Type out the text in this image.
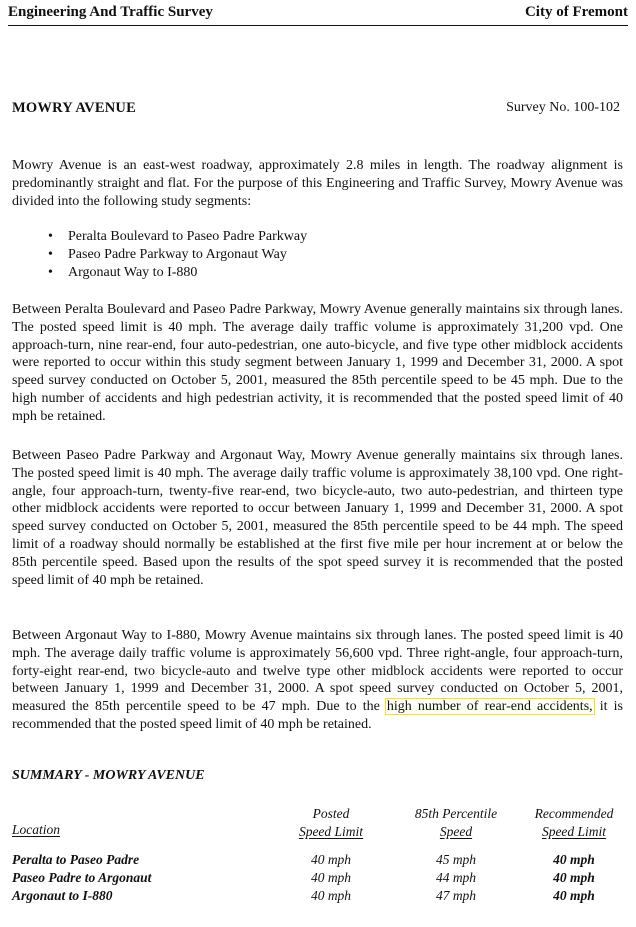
Engineering And Traffic Survey	City of Fremont
MOWRY AVENUE	Survey No. 100-102
Mowry Avenue is an east-west roadway, approximately 2.8 miles in length. The roadway alignment is predominantly straight and flat. For the purpose of this Engineering and Traffic Survey, Mowry Avenue was divided into the following study segments:
• Peralta Boulevard to Paseo Padre Parkway
• Paseo Padre Parkway to Argonaut Way
• Argonaut Way to I-880
Between Peralta Boulevard and Paseo Padre Parkway, Mowry Avenue generally maintains six through lanes. The posted speed limit is 40 mph. The average daily traffic volume is approximately 31,200 vpd. One approach-turn, nine rear-end, four auto-pedestrian, one auto-bicycle, and five type other midblock accidents were reported to occur within this study segment between January 1, 1999 and December 31, 2000. A spot speed survey conducted on October 5, 2001, measured the 85th percentile speed to be 45 mph. Due to the high number of accidents and high pedestrian activity, it is recommended that the posted speed limit of 40 mph be retained.
Between Paseo Padre Parkway and Argonaut Way, Mowry Avenue generally maintains six through lanes. The posted speed limit is 40 mph. The average daily traffic volume is approximately 38,100 vpd. One right-angle, four approach-turn, twenty-five rear-end, two bicycle-auto, two auto-pedestrian, and thirteen type other midblock accidents were reported to occur between January 1, 1999 and December 31, 2000. A spot speed survey conducted on October 5, 2001, measured the 85th percentile speed to be 44 mph. The speed limit of a roadway should normally be established at the first five mile per hour increment at or below the 85th percentile speed. Based upon the results of the spot speed survey it is recommended that the posted speed limit of 40 mph be retained.
Between Argonaut Way to I-880, Mowry Avenue maintains six through lanes. The posted speed limit is 40 mph. The average daily traffic volume is approximately 56,600 vpd. Three right-angle, four approach-turn, forty-eight rear-end, two bicycle-auto and twelve type other midblock accidents were reported to occur between January 1, 1999 and December 31, 2000. A spot speed survey conducted on October 5, 2001, measured the 85th percentile speed to be 47 mph. Due to the high number of rear-end accidents, it is recommended that the posted speed limit of 40 mph be retained.
SUMMARY - MOWRY AVENUE
Posted
Speed Limit
85th Percentile
Speed
Recommended
Speed Limit
Location
Peralta to Paseo Padre	40 mph	45 mph	40 mph
Paseo Padre to Argonaut	40 mph	44 mph	40 mph
Argonaut to I-880	40 mph	47 mph	40 mph
